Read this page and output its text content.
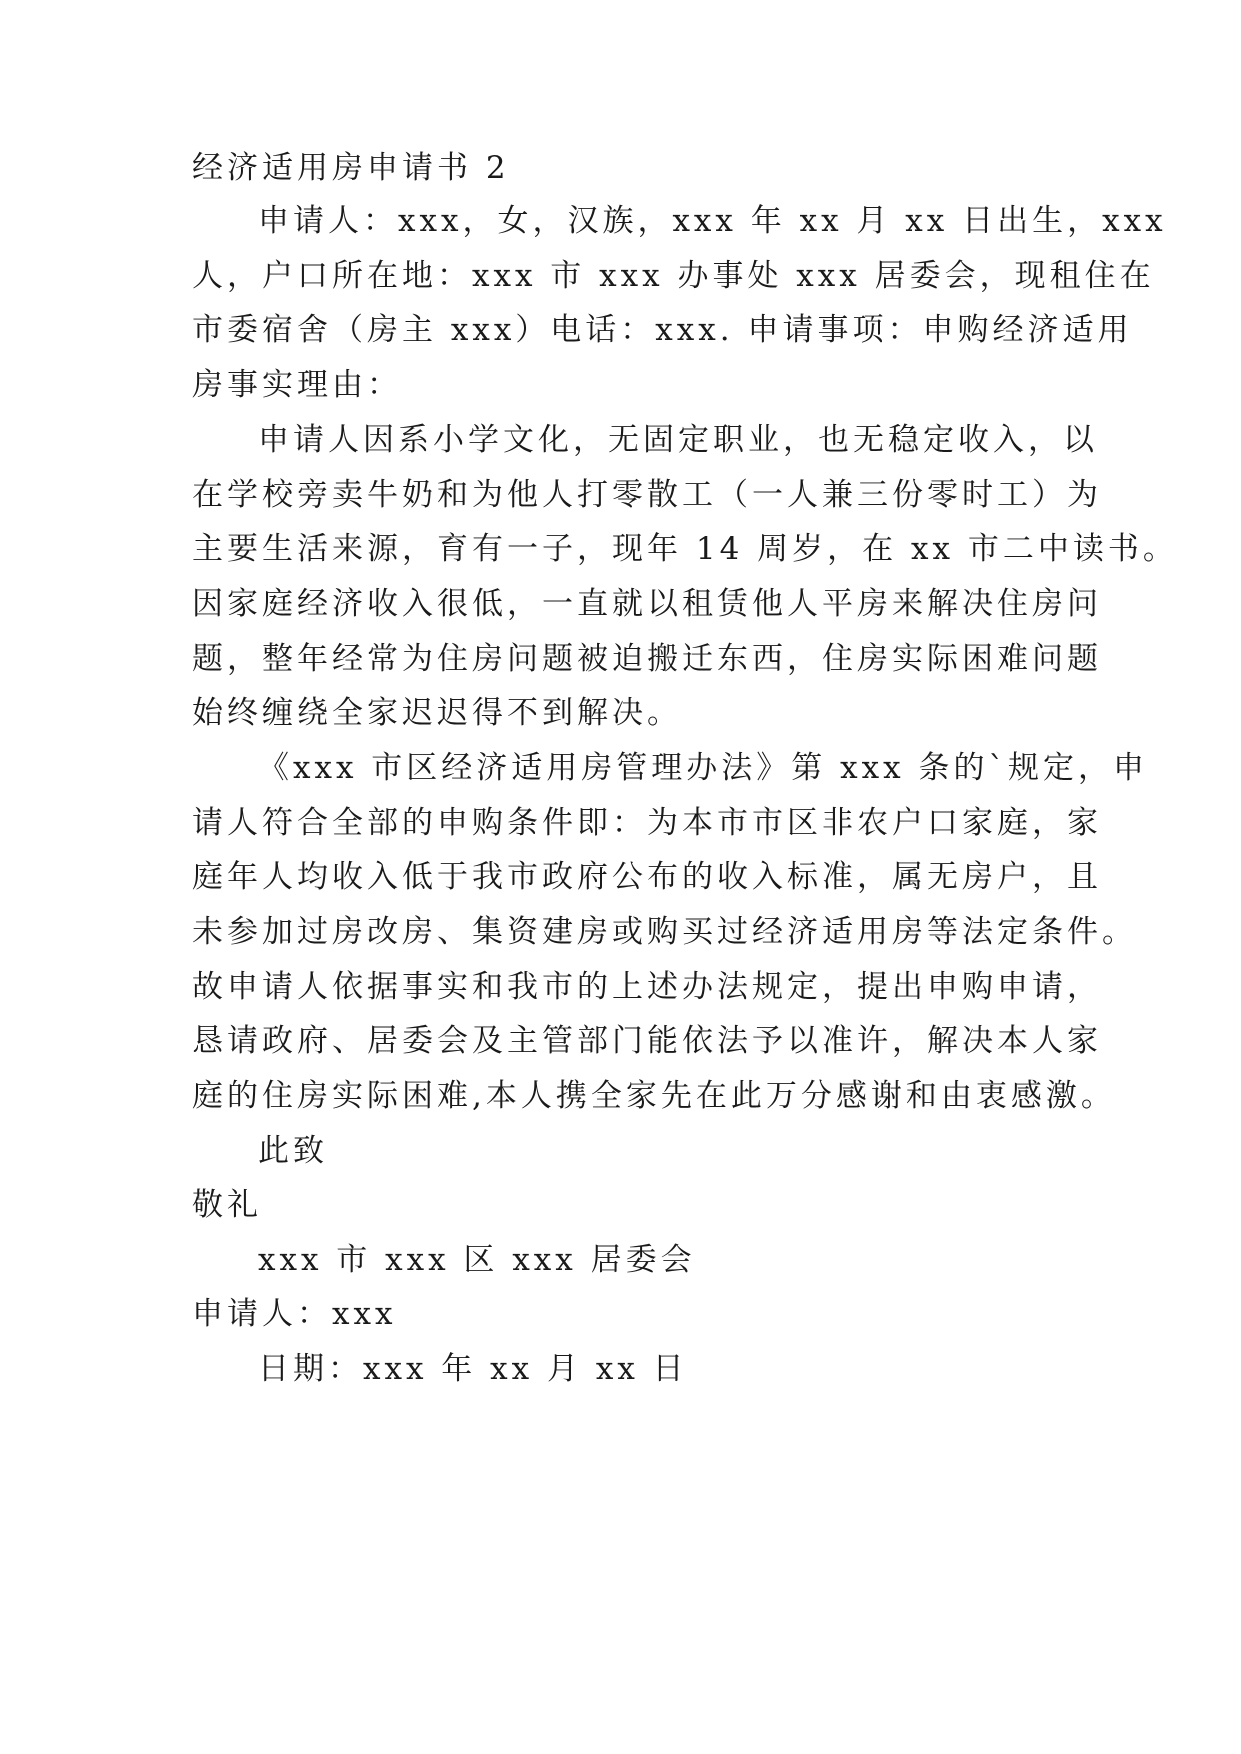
经济适用房申请书 2
申请人：xxx，女，汉族，xxx 年 xx 月 xx 日出生，xxx
人，户口所在地：xxx 市 xxx 办事处 xxx 居委会，现租住在
市委宿舍（房主 xxx）电话：xxx. 申请事项：申购经济适用
房事实理由：
申请人因系小学文化，无固定职业，也无稳定收入，以
在学校旁卖牛奶和为他人打零散工（一人兼三份零时工）为
主要生活来源，育有一子，现年 14 周岁，在 xx 市二中读书。
因家庭经济收入很低，一直就以租赁他人平房来解决住房问
题，整年经常为住房问题被迫搬迁东西，住房实际困难问题
始终缠绕全家迟迟得不到解决。
《xxx 市区经济适用房管理办法》第 xxx 条的`规定，申
请人符合全部的申购条件即：为本市市区非农户口家庭，家
庭年人均收入低于我市政府公布的收入标准，属无房户，且
未参加过房改房、集资建房或购买过经济适用房等法定条件。
故申请人依据事实和我市的上述办法规定，提出申购申请，
恳请政府、居委会及主管部门能依法予以准许，解决本人家
庭的住房实际困难,本人携全家先在此万分感谢和由衷感激。
此致
敬礼
xxx 市 xxx 区 xxx 居委会
申请人：xxx
日期：xxx 年 xx 月 xx 日
